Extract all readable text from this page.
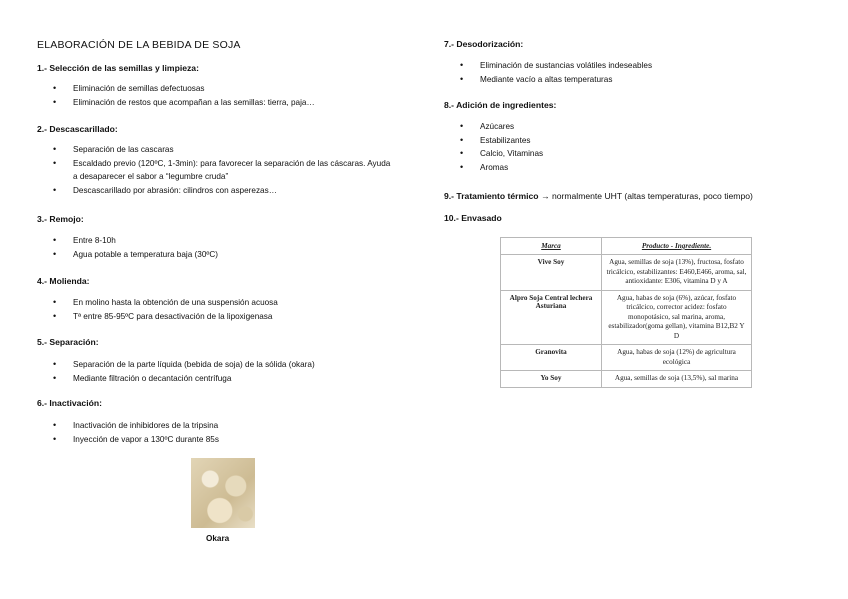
ELABORACIÓN DE LA BEBIDA DE SOJA
1.- Selección de las semillas y limpieza:
• Eliminación de semillas defectuosas
• Eliminación de restos que acompañan a las semillas: tierra, paja…
2.- Descascarillado:
• Separación de las cascaras
• Escaldado previo (120ºC, 1-3min): para favorecer la separación de las cáscaras. Ayuda a desaparecer el sabor a “legumbre cruda”
• Descascarillado por abrasión: cilindros con asperezas…
3.- Remojo:
• Entre 8-10h
• Agua potable a temperatura baja (30ºC)
4.- Molienda:
• En molino hasta la obtención de una suspensión acuosa
• Tª entre 85-95ºC para desactivación de la lipoxigenasa
5.- Separación:
• Separación de la parte líquida (bebida de soja) de la sólida (okara)
• Mediante filtración o decantación centrífuga
6.- Inactivación:
• Inactivación de inhibidores de la tripsina
• Inyección de vapor a 130ºC durante 85s
Okara
7.- Desodorización:
• Eliminación de sustancias volátiles indeseables
• Mediante vacío a altas temperaturas
8.- Adición de ingredientes:
• Azúcares
• Estabilizantes
• Calcio, Vitaminas
• Aromas
9.- Tratamiento térmico → normalmente UHT (altas temperaturas, poco tiempo)
10.- Envasado
Marca	Producto - Ingrediente.
Vive Soy	Agua, semillas de soja (13%), fructosa, fosfato tricálcico, estabilizantes: E460,E466, aroma, sal, antioxidante: E306, vitamina D y A
Alpro Soja Central lechera Asturiana	Agua, habas de soja (6%), azúcar, fosfato tricálcico, corrector acidez: fosfato monopotásico, sal marina, aroma, estabilizador(goma gellan), vitamina B12,B2 Y D
Granovita	Agua, habas de soja (12%) de agricultura ecológica
Yo Soy	Agua, semillas de soja (13,5%), sal marina
